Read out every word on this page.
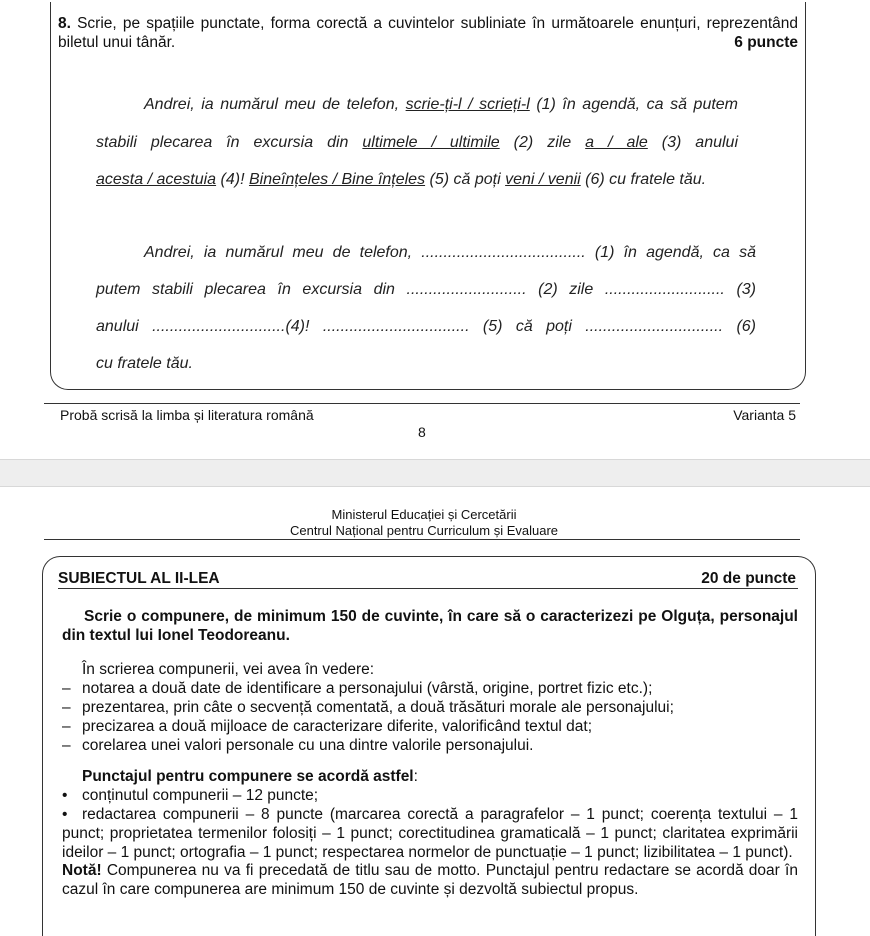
8. Scrie, pe spațiile punctate, forma corectă a cuvintelor subliniate în următoarele enunțuri, reprezentând biletul unui tânăr.	6 puncte
Andrei, ia numărul meu de telefon, scrie-ți-l / scrieți-l (1) în agendă, ca să putem
stabili plecarea în excursia din ultimele / ultimile (2) zile a / ale (3) anului
acesta / acestuia (4)! Bineînțeles / Bine înțeles (5) că poți veni / venii (6) cu fratele tău.
Andrei, ia numărul meu de telefon, ..................................... (1) în agendă, ca să
putem stabili plecarea în excursia din ........................... (2) zile ........................... (3)
anului ..............................(4)! ................................. (5) că poți ............................... (6)
cu fratele tău.
Probă scrisă la limba și literatura română	Varianta 5
8
Ministerul Educației și Cercetării
Centrul Național pentru Curriculum și Evaluare
SUBIECTUL AL II-LEA	20 de puncte
Scrie o compunere, de minimum 150 de cuvinte, în care să o caracterizezi pe Olguța, personajul din textul lui Ionel Teodoreanu.
În scrierea compunerii, vei avea în vedere:
– notarea a două date de identificare a personajului (vârstă, origine, portret fizic etc.);
– prezentarea, prin câte o secvență comentată, a două trăsături morale ale personajului;
– precizarea a două mijloace de caracterizare diferite, valorificând textul dat;
– corelarea unei valori personale cu una dintre valorile personajului.
Punctajul pentru compunere se acordă astfel:
• conținutul compunerii – 12 puncte;
• redactarea compunerii – 8 puncte (marcarea corectă a paragrafelor – 1 punct; coerența textului – 1 punct; proprietatea termenilor folosiți – 1 punct; corectitudinea gramaticală – 1 punct; claritatea exprimării ideilor – 1 punct; ortografia – 1 punct; respectarea normelor de punctuație – 1 punct; lizibilitatea – 1 punct).
Notă! Compunerea nu va fi precedată de titlu sau de motto. Punctajul pentru redactare se acordă doar în cazul în care compunerea are minimum 150 de cuvinte și dezvoltă subiectul propus.
